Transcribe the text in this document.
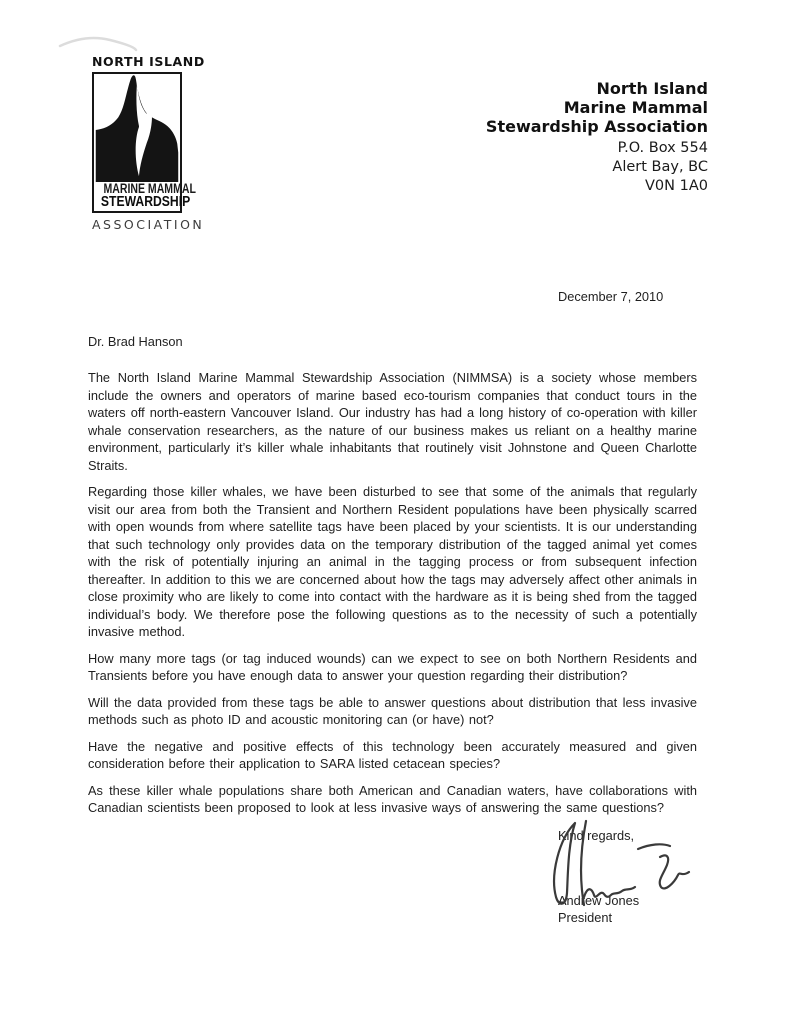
NORTH ISLAND
MARINE MAMMAL
STEWARDSHIP
ASSOCIATION
North Island
Marine Mammal
Stewardship Association
P.O. Box 554
Alert Bay, BC
V0N 1A0
December 7, 2010
Dr. Brad Hanson

The North Island Marine Mammal Stewardship Association (NIMMSA) is a society whose members include the owners and operators of marine based eco-tourism companies that conduct tours in the waters off north-eastern Vancouver Island. Our industry has had a long history of co-operation with killer whale conservation researchers, as the nature of our business makes us reliant on a healthy marine environment, particularly it’s killer whale inhabitants that routinely visit Johnstone and Queen Charlotte Straits.

Regarding those killer whales, we have been disturbed to see that some of the animals that regularly visit our area from both the Transient and Northern Resident populations have been physically scarred with open wounds from where satellite tags have been placed by your scientists. It is our understanding that such technology only provides data on the temporary distribution of the tagged animal yet comes with the risk of potentially injuring an animal in the tagging process or from subsequent infection thereafter. In addition to this we are concerned about how the tags may adversely affect other animals in close proximity who are likely to come into contact with the hardware as it is being shed from the tagged individual’s body. We therefore pose the following questions as to the necessity of such a potentially invasive method.

How many more tags (or tag induced wounds) can we expect to see on both Northern Residents and Transients before you have enough data to answer your question regarding their distribution?

Will the data provided from these tags be able to answer questions about distribution that less invasive methods such as photo ID and acoustic monitoring can (or have) not?

Have the negative and positive effects of this technology been accurately measured and given consideration before their application to SARA listed cetacean species?

As these killer whale populations share both American and Canadian waters, have collaborations with Canadian scientists been proposed to look at less invasive ways of answering the same questions?

Kind regards,
Andrew Jones
President
